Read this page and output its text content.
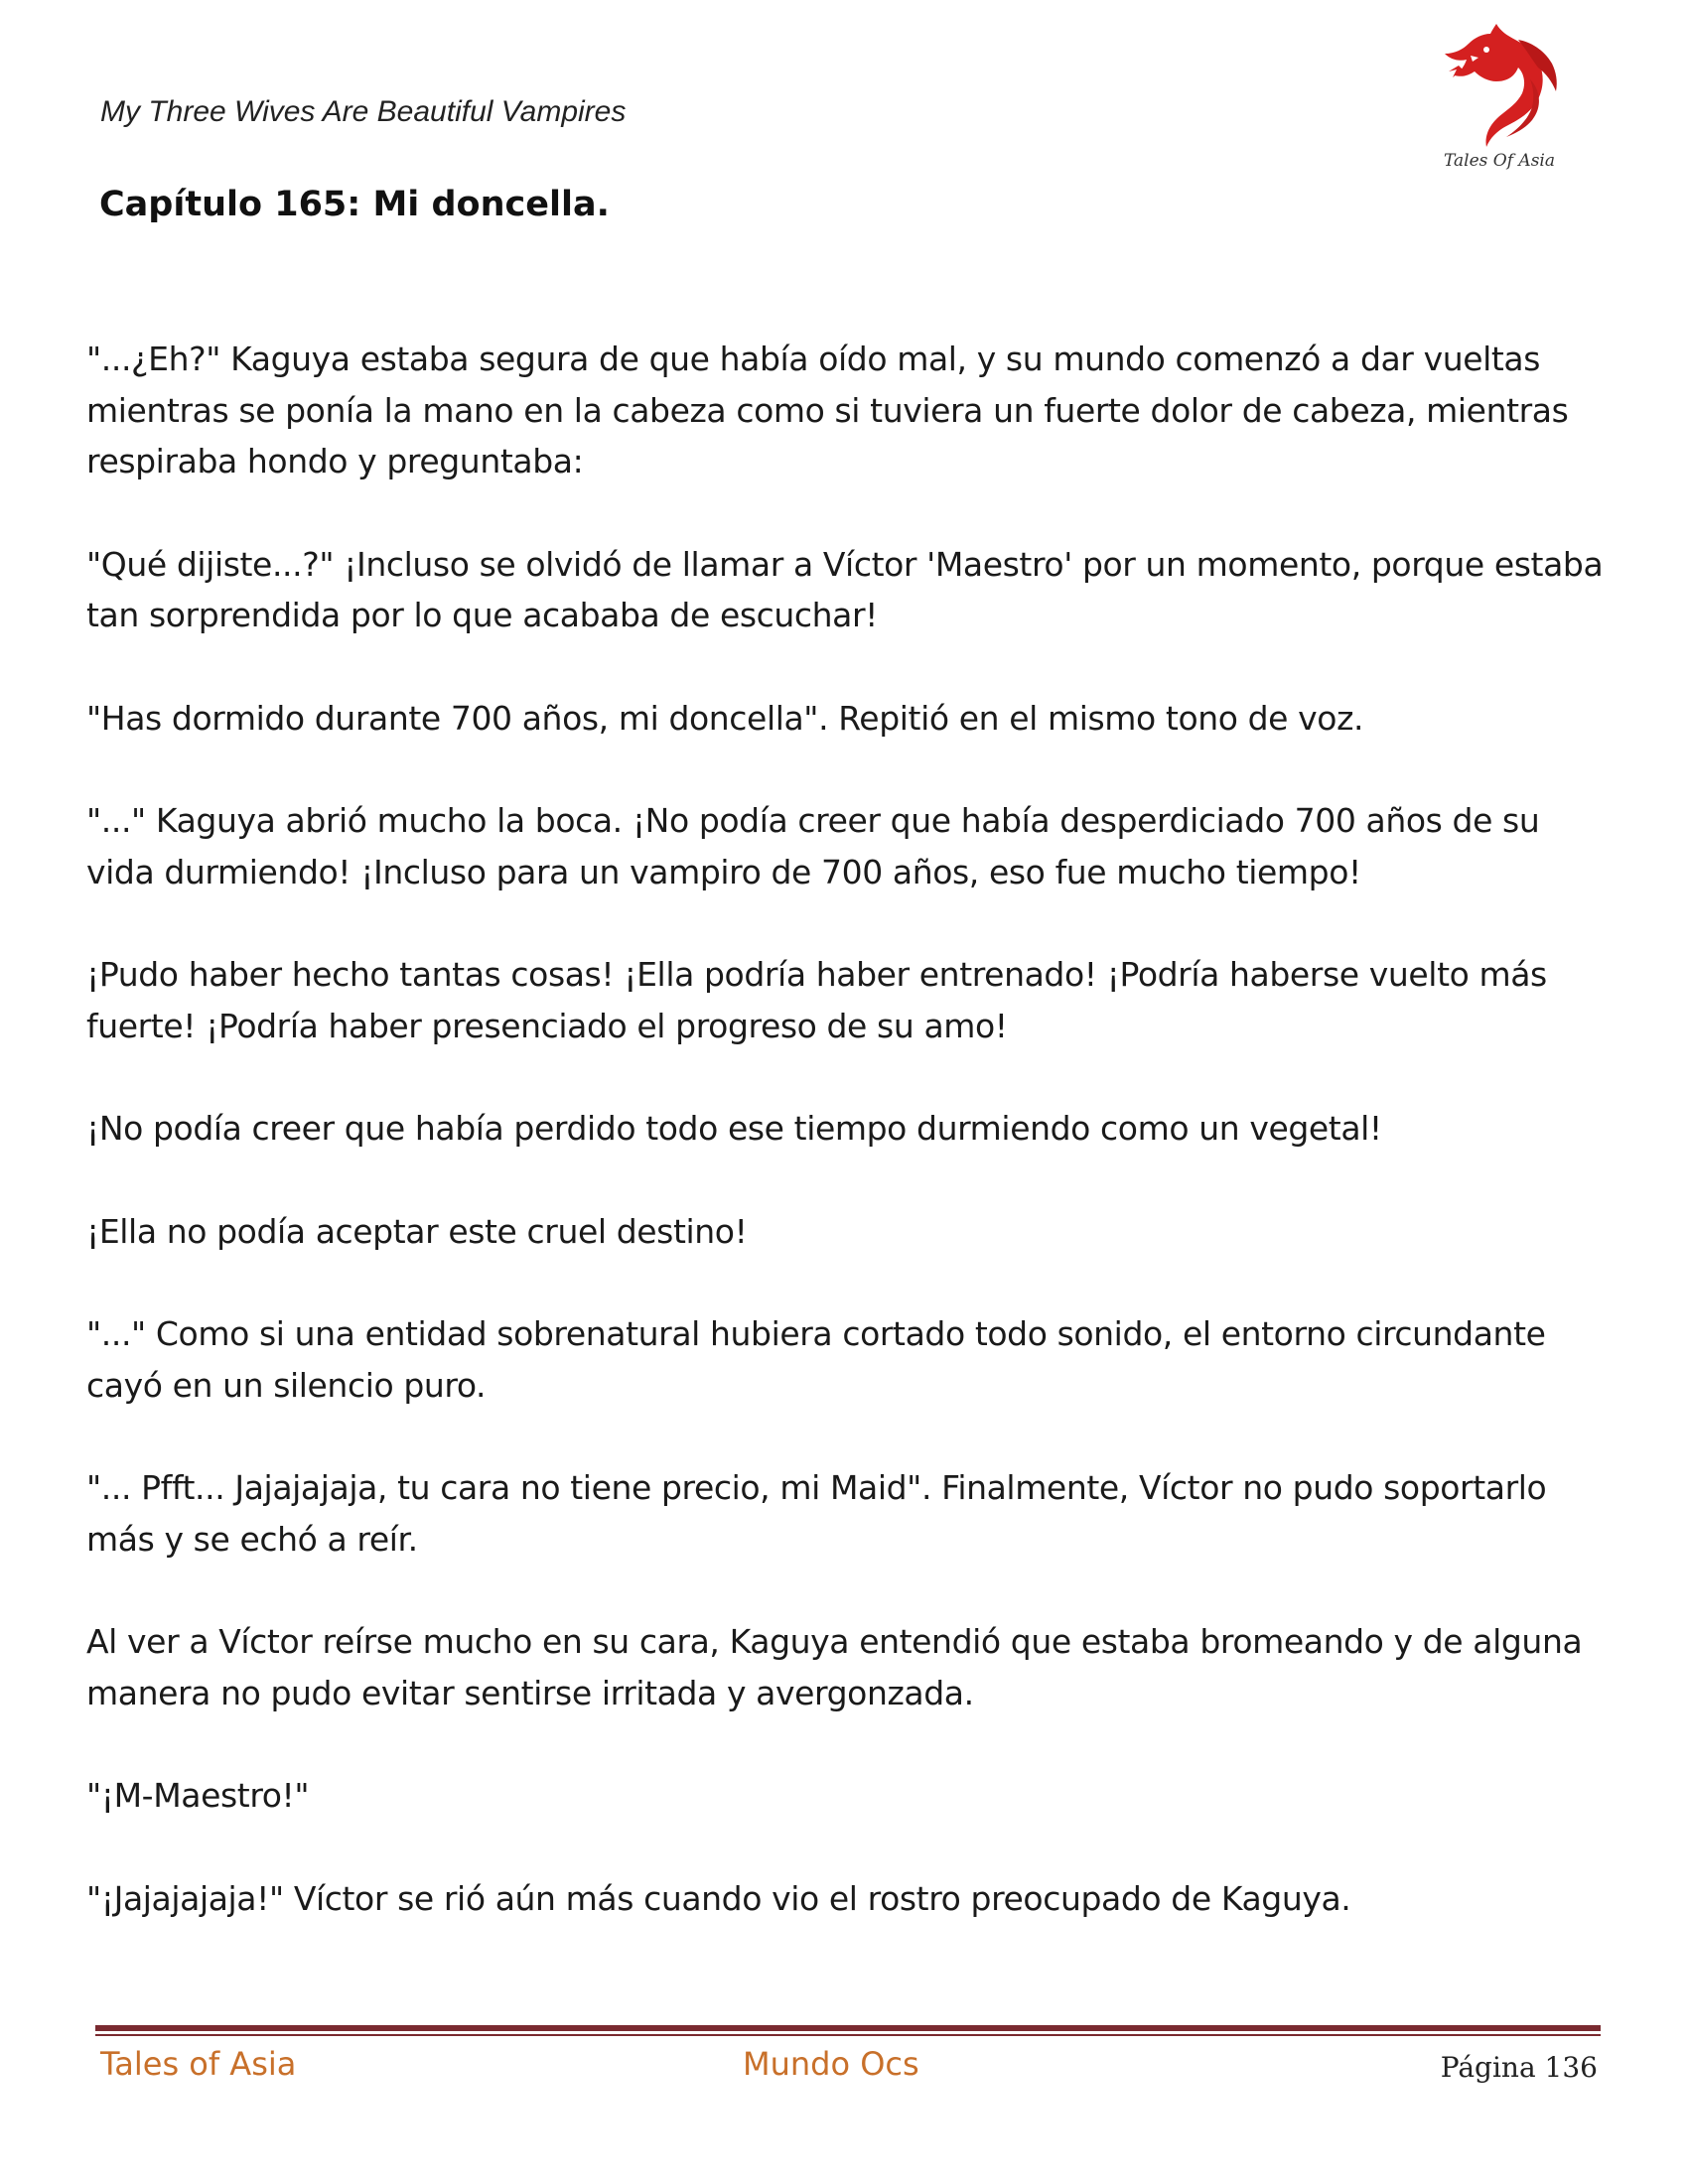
My Three Wives Are Beautiful Vampires
Tales Of Asia
Capítulo 165: Mi doncella.

"...¿Eh?" Kaguya estaba segura de que había oído mal, y su mundo comenzó a dar vueltas mientras se ponía la mano en la cabeza como si tuviera un fuerte dolor de cabeza, mientras respiraba hondo y preguntaba:

"Qué dijiste...?" ¡Incluso se olvidó de llamar a Víctor 'Maestro' por un momento, porque estaba tan sorprendida por lo que acababa de escuchar!

"Has dormido durante 700 años, mi doncella". Repitió en el mismo tono de voz.

"..." Kaguya abrió mucho la boca. ¡No podía creer que había desperdiciado 700 años de su vida durmiendo! ¡Incluso para un vampiro de 700 años, eso fue mucho tiempo!

¡Pudo haber hecho tantas cosas! ¡Ella podría haber entrenado! ¡Podría haberse vuelto más fuerte! ¡Podría haber presenciado el progreso de su amo!

¡No podía creer que había perdido todo ese tiempo durmiendo como un vegetal!

¡Ella no podía aceptar este cruel destino!

"..." Como si una entidad sobrenatural hubiera cortado todo sonido, el entorno circundante cayó en un silencio puro.

"... Pfft... Jajajajaja, tu cara no tiene precio, mi Maid". Finalmente, Víctor no pudo soportarlo más y se echó a reír.

Al ver a Víctor reírse mucho en su cara, Kaguya entendió que estaba bromeando y de alguna manera no pudo evitar sentirse irritada y avergonzada.

"¡M-Maestro!"

"¡Jajajajaja!" Víctor se rió aún más cuando vio el rostro preocupado de Kaguya.

Tales of Asia	Mundo Ocs	Página 136
